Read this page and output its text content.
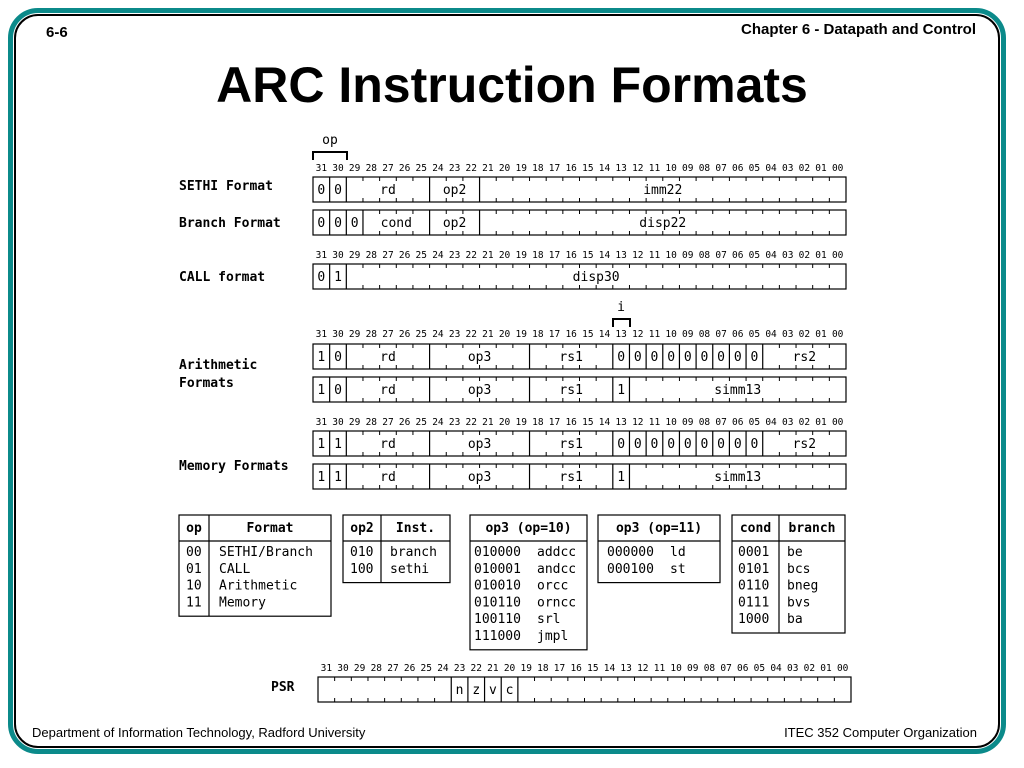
6-6	Chapter 6 - Datapath and Control
ARC Instruction Formats
op
i
SETHI Format
Branch Format
CALL format
Arithmetic
Formats
Memory Formats
PSR
31 30 29 28 27 26 25 24 23 22 21 20 19 18 17 16 15 14 13 12 11 10 09 08 07 06 05 04 03 02 01 00
31 30 29 28 27 26 25 24 23 22 21 20 19 18 17 16 15 14 13 12 11 10 09 08 07 06 05 04 03 02 01 00
31 30 29 28 27 26 25 24 23 22 21 20 19 18 17 16 15 14 13 12 11 10 09 08 07 06 05 04 03 02 01 00
31 30 29 28 27 26 25 24 23 22 21 20 19 18 17 16 15 14 13 12 11 10 09 08 07 06 05 04 03 02 01 00
31 30 29 28 27 26 25 24 23 22 21 20 19 18 17 16 15 14 13 12 11 10 09 08 07 06 05 04 03 02 01 00
0 0	rd	op2	imm22
0 0 0 cond op2	disp22
0 1	disp30
1 0	rd	op3	rs1	0 0 0 0 0 0 0 0 0	rs2
1 0	rd	op3	rs1	1	simm13
1 1	rd	op3	rs1	0 0 0 0 0 0 0 0 0	rs2
1 1	rd	op3	rs1	1	simm13
n z v c
op	Format
00 SETHI/Branch
01 CALL
10 Arithmetic
11 Memory
op2 Inst.
010 branch
100 sethi
op3 (op=10)
010000 addcc
010001 andcc
010010 orcc
010110 orncc
100110 srl
111000 jmpl
op3 (op=11)
000000 ld
000100 st
cond branch
0001 be
0101 bcs
0110 bneg
0111 bvs
1000 ba
Department of Information Technology, Radford University	ITEC 352 Computer Organization
